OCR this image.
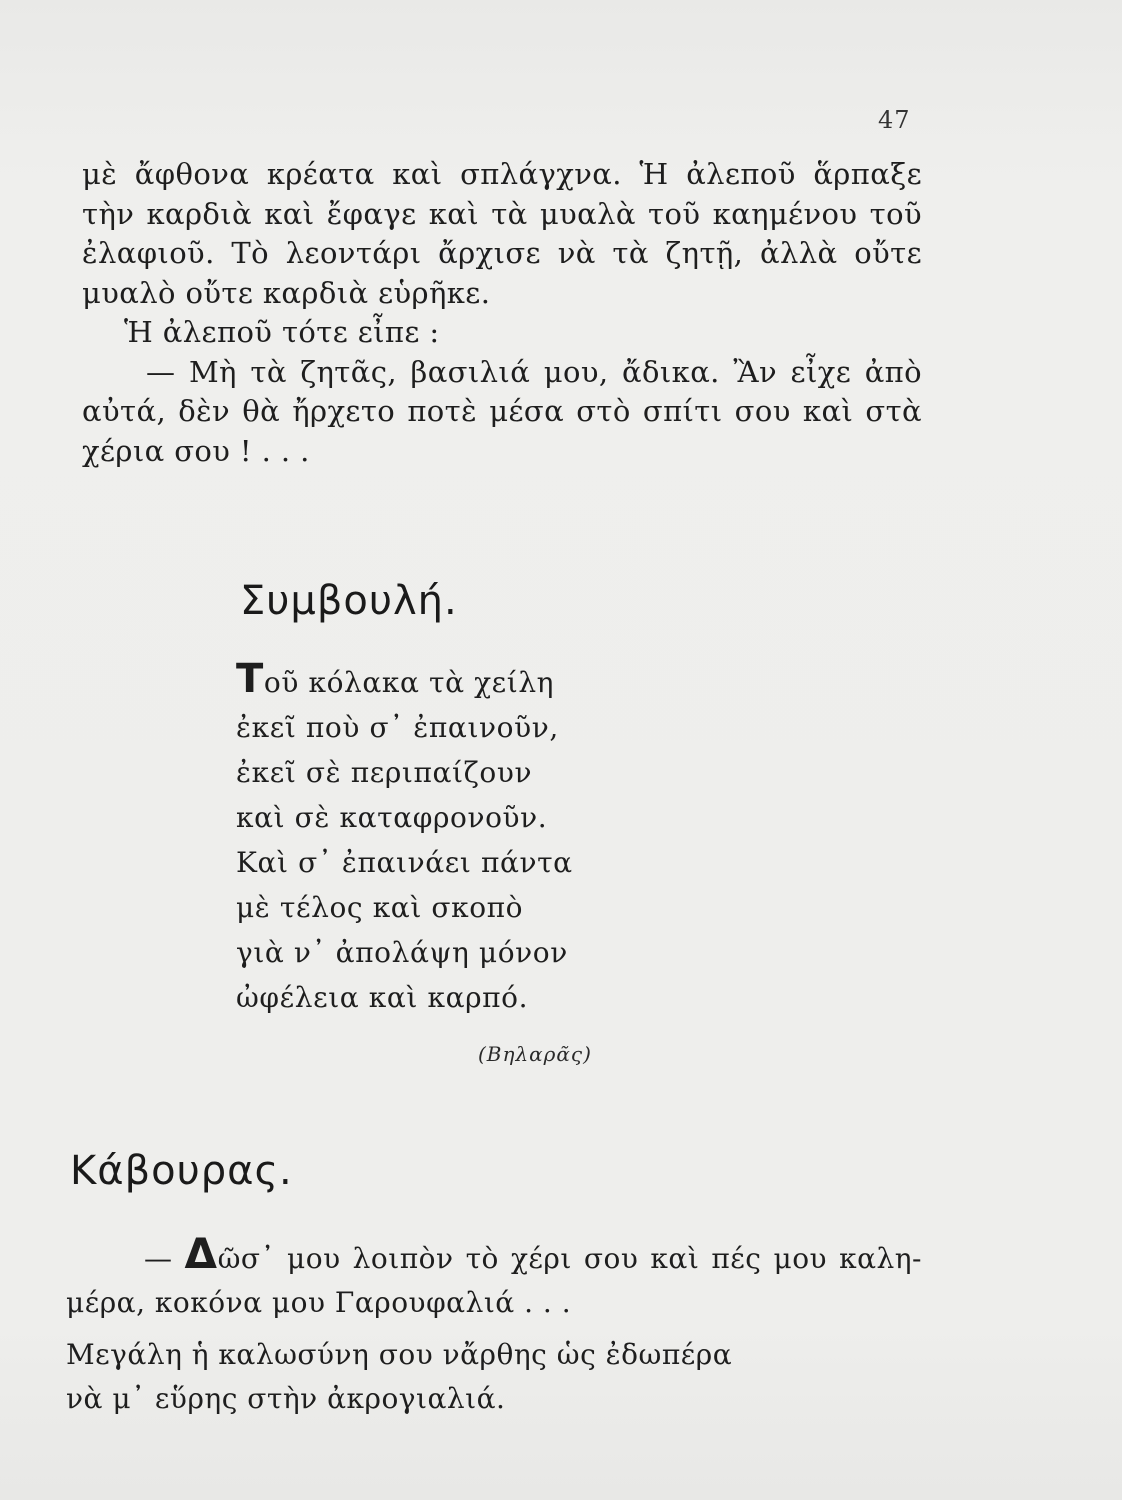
47

μὲ ἄφθονα κρέατα καὶ σπλάγχνα. Ἡ ἀλεποῦ ἅρπαξε τὴν καρδιὰ καὶ ἔφαγε καὶ τὰ μυαλὰ τοῦ καημένου τοῦ ἐλαφιοῦ. Τὸ λεοντάρι ἄρχισε νὰ τὰ ζητῇ, ἀλλὰ οὔτε μυαλὸ οὔτε καρδιὰ εὑρῆκε.

Ἡ ἀλεποῦ τότε εἶπε :

— Μὴ τὰ ζητᾶς, βασιλιά μου, ἄδικα. Ἂν εἶχε ἀπὸ αὐτά, δὲν θὰ ἤρχετο ποτὲ μέσα στὸ σπίτι σου καὶ στὰ χέρια σου ! . . .

Συμβουλή.
Τοῦ κόλακα τὰ χείλη
ἐκεῖ ποὺ σ᾽ ἐπαινοῦν,
ἐκεῖ σὲ περιπαίζουν
καὶ σὲ καταφρονοῦν.
Καὶ σ᾽ ἐπαινάει πάντα
μὲ τέλος καὶ σκοπὸ
γιὰ ν᾽ ἀπολάψη μόνον
ὠφέλεια καὶ καρπό.
(Βηλαρᾶς)
Κάβουρας.

— Δῶσ᾽ μου λοιπὸν τὸ χέρι σου καὶ πές μου καλη- μέρα, κοκόνα μου Γαρουφαλιά . . .

Μεγάλη ἡ καλωσύνη σου νἄρθης ὡς ἐδωπέρα

νὰ μ᾽ εὕρης στὴν ἀκρογιαλιά.
